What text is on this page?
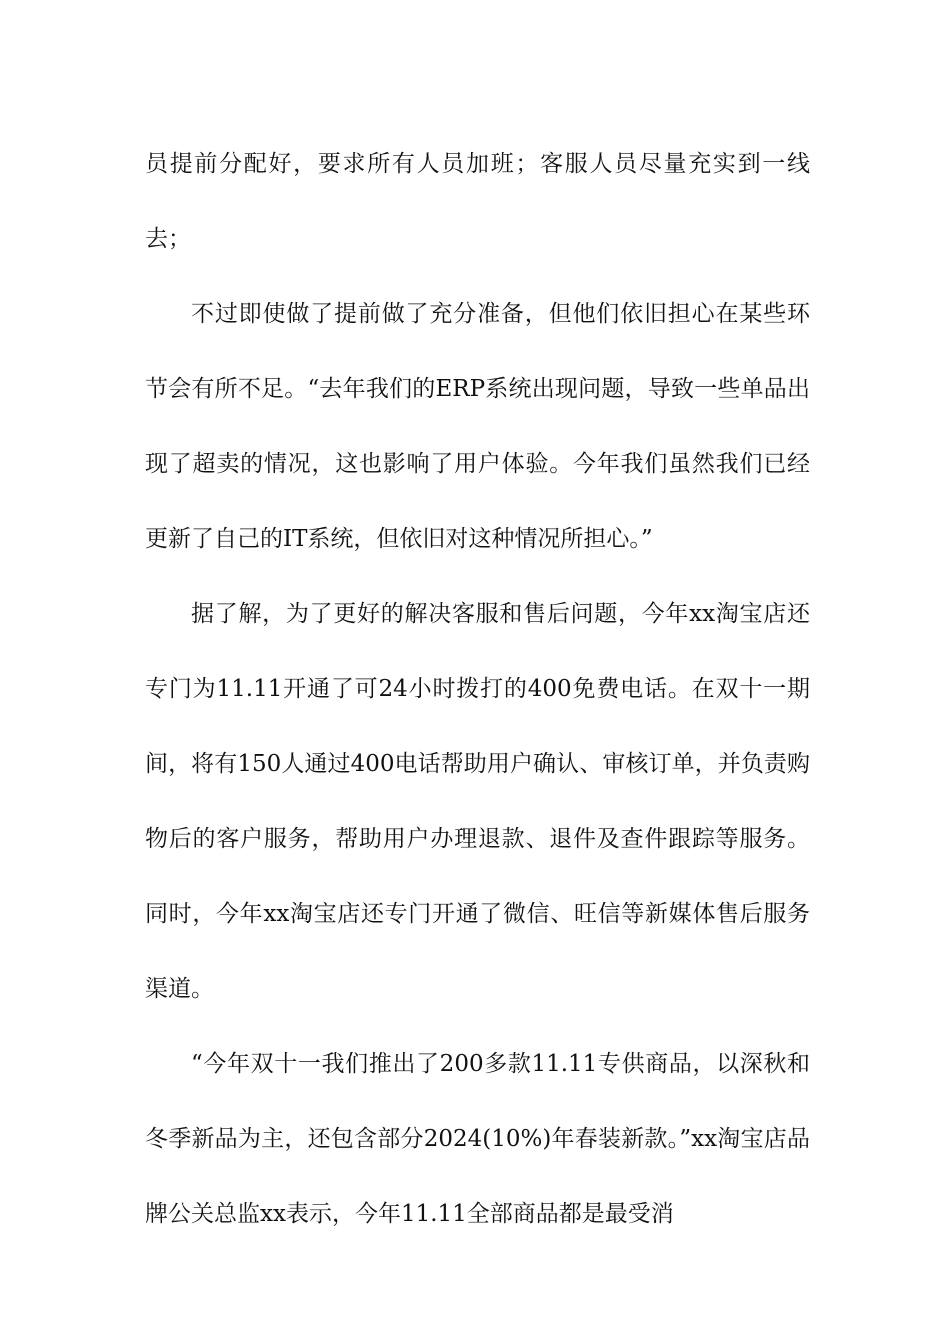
员提前分配好，要求所有人员加班；客服人员尽量充实到一线去；

不过即使做了提前做了充分准备，但他们依旧担心在某些环节会有所不足。“去年我们的ERP系统出现问题，导致一些单品出现了超卖的情况，这也影响了用户体验。今年我们虽然我们已经更新了自己的IT系统，但依旧对这种情况所担心。”

据了解，为了更好的解决客服和售后问题，今年xx淘宝店还专门为11.11开通了可24小时拨打的400免费电话。在双十一期间，将有150人通过400电话帮助用户确认、审核订单，并负责购物后的客户服务，帮助用户办理退款、退件及查件跟踪等服务。同时，今年xx淘宝店还专门开通了微信、旺信等新媒体售后服务渠道。

“今年双十一我们推出了200多款11.11专供商品，以深秋和冬季新品为主，还包含部分2024(10%)年春装新款。”xx淘宝店品牌公关总监xx表示，今年11.11全部商品都是最受消
